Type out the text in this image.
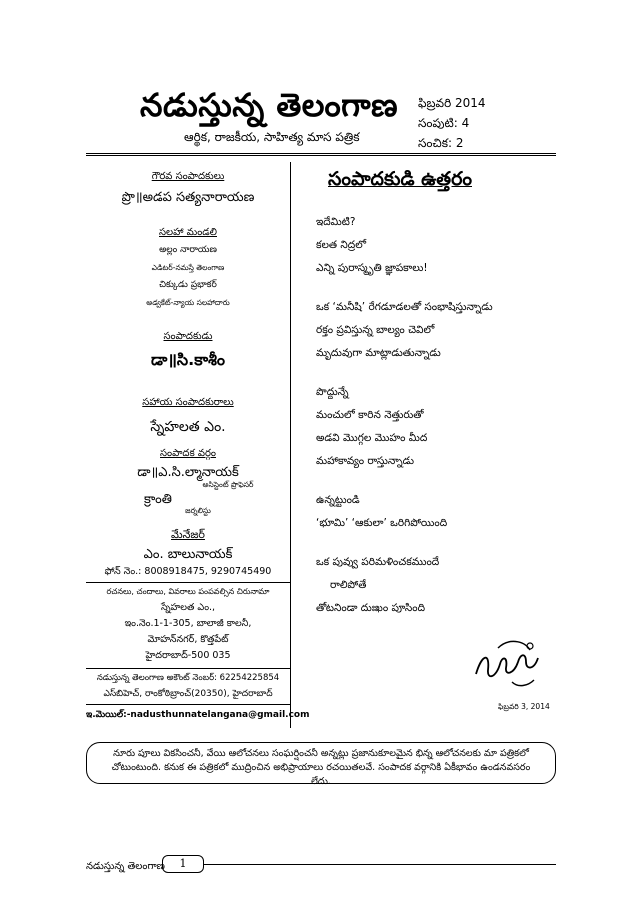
నడుస్తున్న తెలంగాణ
ఆర్థిక, రాజకీయ, సాహిత్య మాస పత్రిక
ఫిబ్రవరి 2014
సంపుటి: 4
సంచిక: 2
గౌరవ సంపాదకులు
ప్రొ॥అడప సత్యనారాయణ
సలహా మండలి
అల్లం నారాయణ
ఎడిటర్-నమస్తే తెలంగాణ
చిక్కుడు ప్రభాకర్
అడ్వకేట్-న్యాయ సలహాదారు
సంపాదకుడు
డా॥సి.కాశీం
సహాయ సంపాదకురాలు
స్నేహలత ఎం.
సంపాదక వర్గం
డా॥ఎ.సి.ల్మానాయక్
అసిస్టెంట్ ప్రొఫెసర్
క్రాంతి
జర్నలిస్టు
మేనేజర్
ఎం. బాలునాయక్
ఫోన్ నెం.: 8008918475, 9290745490
రచనలు, చందాలు, వివరాలు పంపవల్సిన చిరునామా
స్నేహలత ఎం.,
ఇం.నెం.1-1-305, బాలాజీ కాలనీ,
మోహన్‌నగర్, కొత్తపేట్
హైదరాబాద్-500 035
నడుస్తున్న తెలంగాణ అకౌంట్ నెంబర్: 62254225854
ఎస్‌బిహెచ్, రాంకోఠిబ్రాంచ్(20350), హైదరాబాద్
ఇ.మెయిల్:-nadusthunnatelangana@gmail.com
సంపాదకుడి ఉత్తరం
ఇదేమిటి?
కలత నిద్రలో
ఎన్ని పురాస్మృతి జ్ఞాపకాలు!
ఒక ‘మనీషి’ రేగడూడలతో సంభాషిస్తున్నాడు
రక్తం ప్రవిస్తున్న బాల్యం చెవిలో
మృదువుగా మాట్లాడుతున్నాడు
పొద్దున్నే
మంచులో కారిన నెత్తురుతో
అడవి మొగ్గల మొహం మీద
మహాకావ్యం రాస్తున్నాడు
ఉన్నట్టుండి
‘భూమి’ ‘ఆకులా’ ఒరిగిపోయింది
ఒక పువ్వు పరిమళించకముందే
రాలిపోతే
తోటనిండా దుఃఖం పూసింది
ఫిబ్రవరి 3, 2014
నూరు పూలు వికసించనీ, వేయి ఆలోచనలు సంఘర్షించనీ అన్నట్లు ప్రజానుకూలమైన భిన్న ఆలోచనలకు మా పత్రికలో చోటుంటుంది. కనుక ఈ పత్రికలో ముద్రించిన అభిప్రాయాలు రచయితలవే. సంపాదక వర్గానికి ఏకీభావం ఉండనవసరం లేదు.
నడుస్తున్న తెలంగాణ	1
